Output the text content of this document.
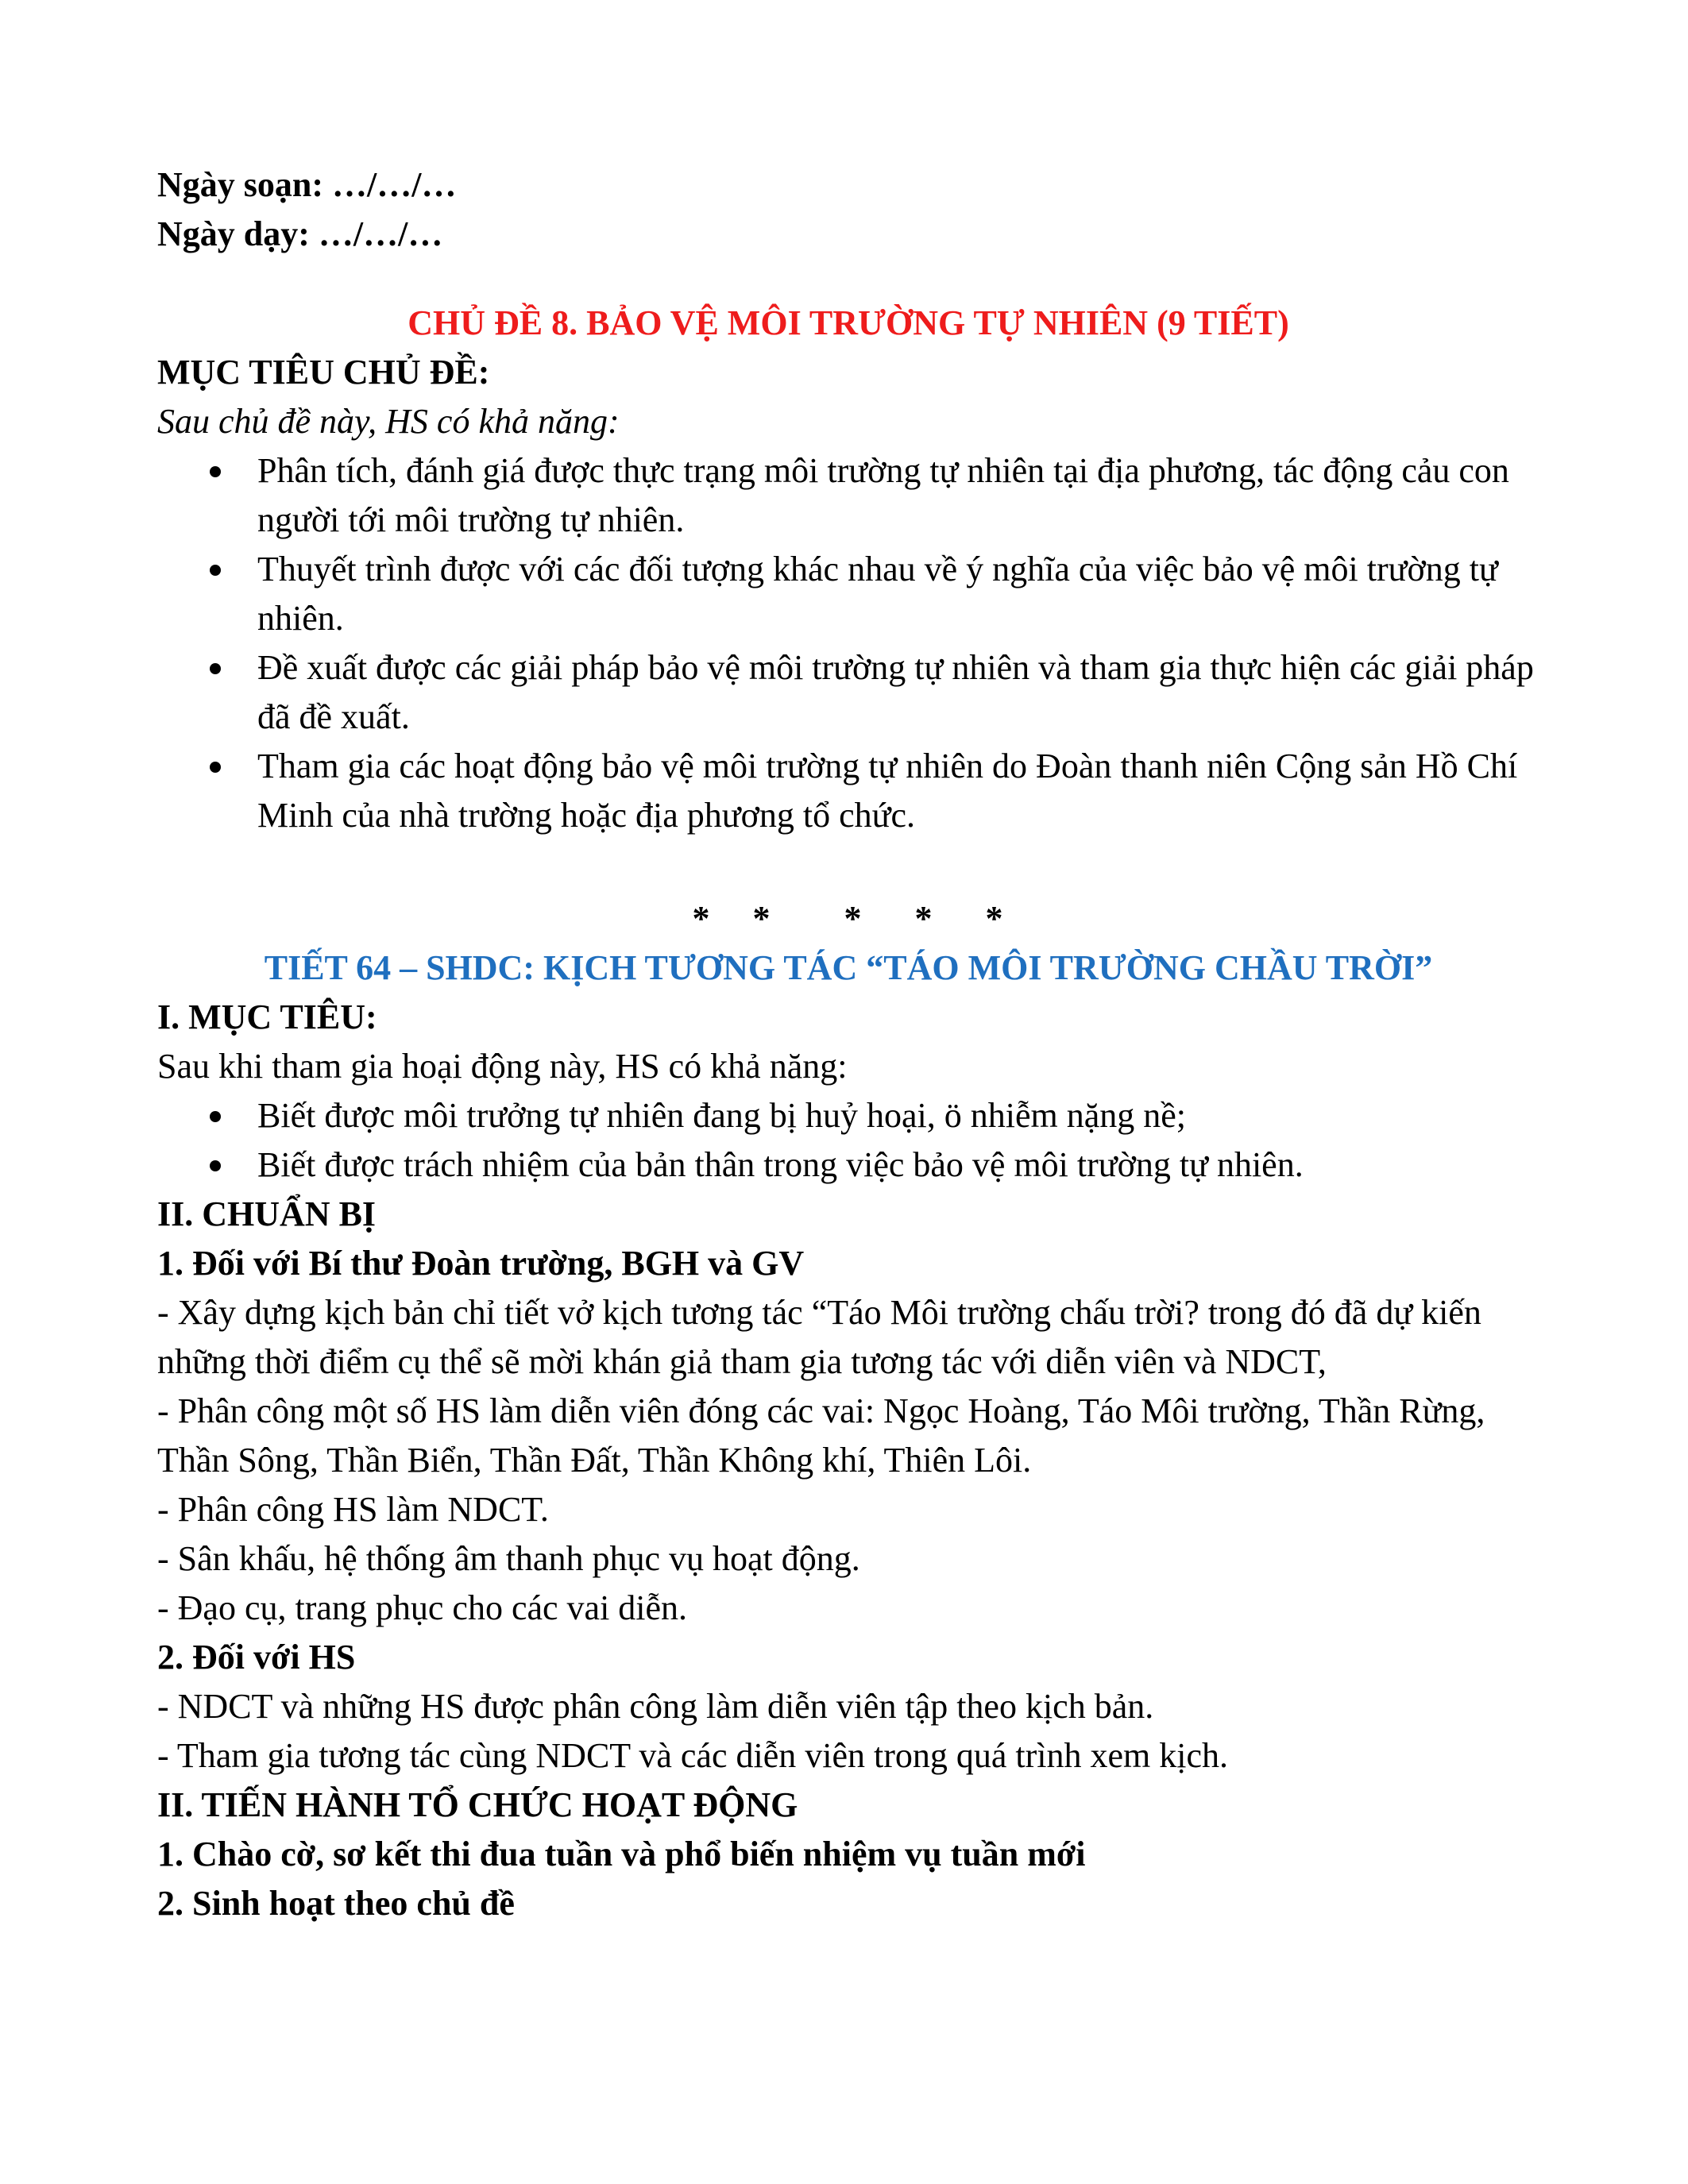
Ngày soạn: …/…/…

Ngày dạy: …/…/…

CHỦ ĐỀ 8. BẢO VỆ MÔI TRƯỜNG TỰ NHIÊN (9 TIẾT)

MỤC TIÊU CHỦ ĐỀ:

Sau chủ đề này, HS có khả năng:

Phân tích, đánh giá được thực trạng môi trường tự nhiên tại địa phương, tác động cảu con người tới môi trường tự nhiên.
Thuyết trình được với các đối tượng khác nhau về ý nghĩa của việc bảo vệ môi trường tự nhiên.
Đề xuất được các giải pháp bảo vệ môi trường tự nhiên và tham gia thực hiện các giải pháp đã đề xuất.
Tham gia các hoạt động bảo vệ môi trường tự nhiên do Đoàn thanh niên Cộng sản Hồ Chí Minh của nhà trường hoặc địa phương tổ chức.

*    *       *     *     *

TIẾT 64 – SHDC: KỊCH TƯƠNG TÁC “TÁO MÔI TRƯỜNG CHẦU TRỜI”

I. MỤC TIÊU:

Sau khi tham gia hoại động này, HS có khả năng:

Biết được môi trưởng tự nhiên đang bị huỷ hoại, ö nhiễm nặng nề;
Biết được trách nhiệm của bản thân trong việc bảo vệ môi trường tự nhiên.

II. CHUẨN BỊ

1. Đối với Bí thư Đoàn trường, BGH và GV

- Xây dựng kịch bản chỉ tiết vở kịch tương tác “Táo Môi trường chấu trời? trong đó đã dự kiến những thời điểm cụ thể sẽ mời khán giả tham gia tương tác với diễn viên và NDCT,

- Phân công một số HS làm diễn viên đóng các vai: Ngọc Hoàng, Táo Môi trường, Thần Rừng, Thần Sông, Thần Biển, Thần Đất, Thần Không khí, Thiên Lôi.

- Phân công HS làm NDCT.

- Sân khấu, hệ thống âm thanh phục vụ hoạt động.

- Đạo cụ, trang phục cho các vai diễn.

2. Đối với HS

- NDCT và những HS được phân công làm diễn viên tập theo kịch bản.

- Tham gia tương tác cùng NDCT và các diễn viên trong quá trình xem kịch.

II. TIẾN HÀNH TỔ CHỨC HOẠT ĐỘNG

1. Chào cờ, sơ kết thi đua tuần và phổ biến nhiệm vụ tuần mới

2. Sinh hoạt theo chủ đề
